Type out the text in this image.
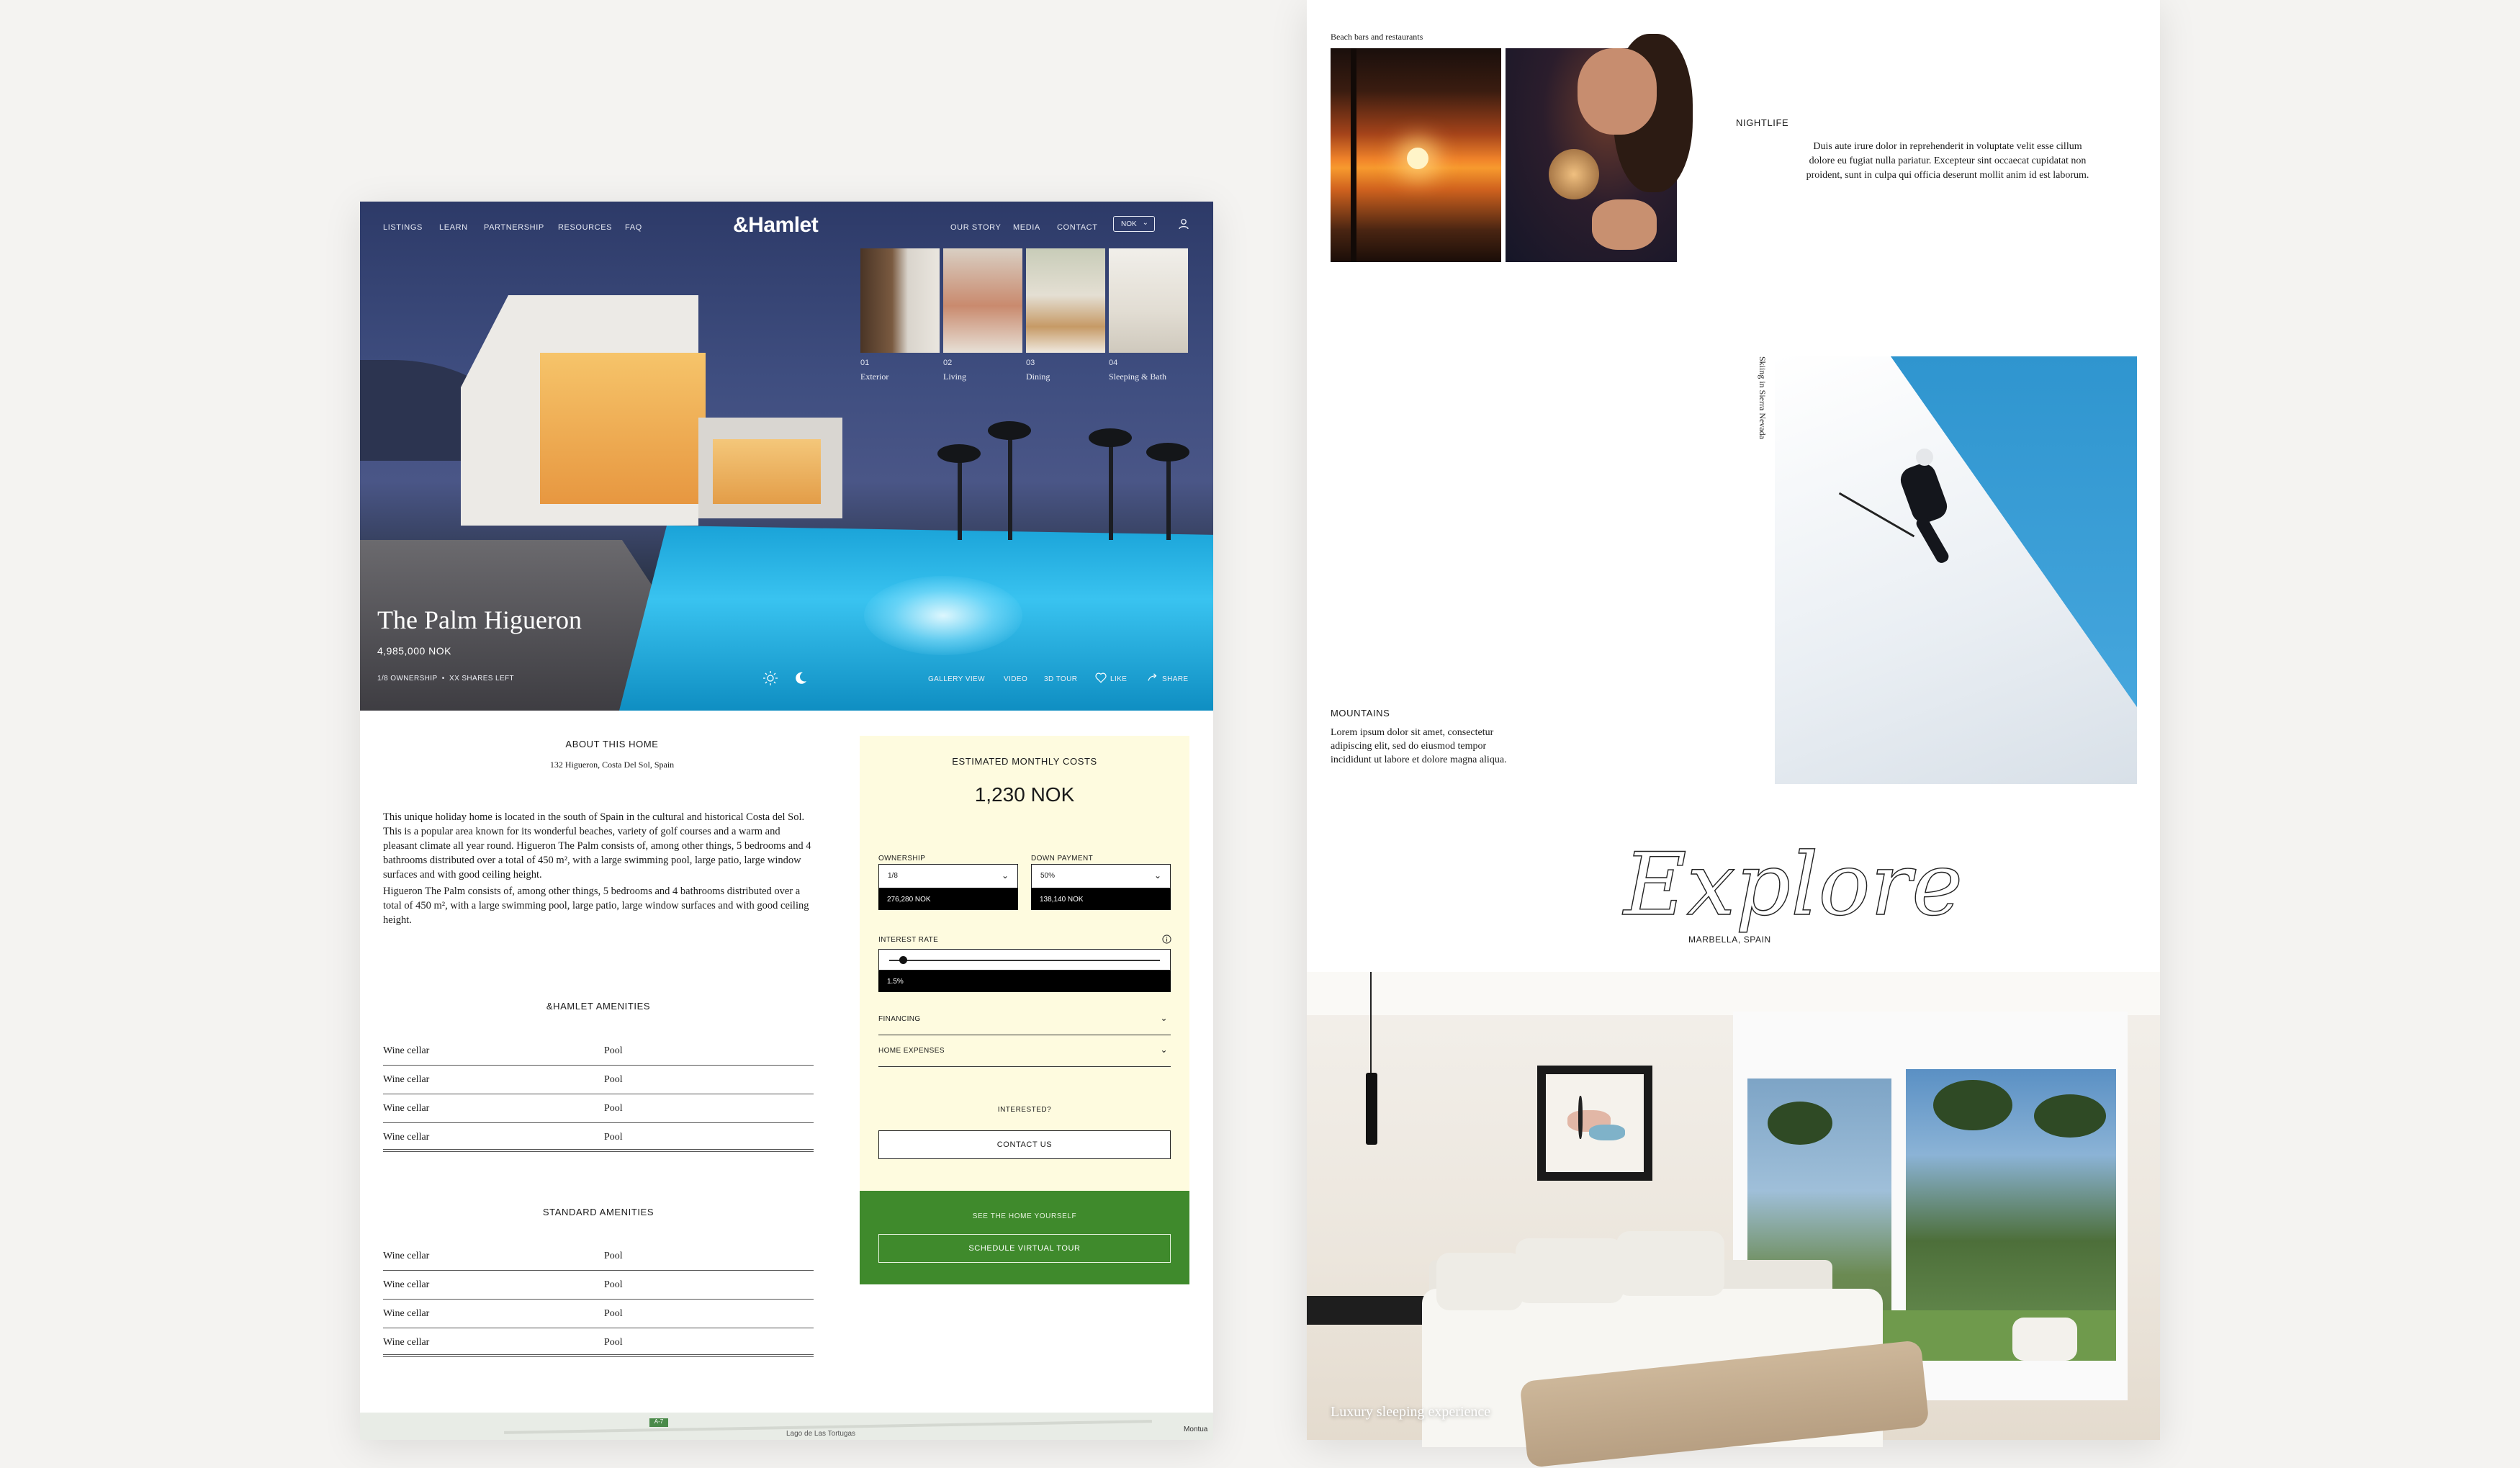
LISTINGS LEARN PARTNERSHIP RESOURCES FAQ	&Hamlet	OUR STORY MEDIA CONTACT	NOK ⌄
01
Exterior
02
Living
03
Dining
04
Sleeping & Bath
The Palm Higueron
4,985,000 NOK
1/8 OWNERSHIP  •  XX SHARES LEFT	GALLERY VIEW	VIDEO 3D TOUR	LIKE	SHARE
ABOUT THIS HOME
132 Higueron, Costa Del Sol, Spain

This unique holiday home is located in the south of Spain in the cultural and historical Costa del Sol. This is a popular area known for its wonderful beaches, variety of golf courses and a warm and pleasant climate all year round. Higueron The Palm consists of, among other things, 5 bedrooms and 4 bathrooms distributed over a total of 450 m², with a large swimming pool, large patio, large window surfaces and with good ceiling height.

Higueron The Palm consists of, among other things, 5 bedrooms and 4 bathrooms distributed over a total of 450 m², with a large swimming pool, large patio, large window surfaces and with good ceiling height.

&HAMLET AMENITIES
Wine cellar	Pool
Wine cellar	Pool
Wine cellar	Pool
Wine cellar	Pool
STANDARD AMENITIES
Wine cellar	Pool
Wine cellar	Pool
Wine cellar	Pool
Wine cellar	Pool
ESTIMATED MONTHLY COSTS
1,230 NOK
OWNERSHIP
1/8	⌄
276,280 NOK
DOWN PAYMENT
50%	⌄
138,140 NOK
INTEREST RATE
1.5%
FINANCING	⌄
HOME EXPENSES	⌄
INTERESTED?
CONTACT US
SEE THE HOME YOURSELF
SCHEDULE VIRTUAL TOUR
A-7
Lago de Las Tortugas
Montua
Beach bars and restaurants
NIGHTLIFE

Duis aute irure dolor in reprehenderit in voluptate velit esse cillum dolore eu fugiat nulla pariatur. Excepteur sint occaecat cupidatat non proident, sunt in culpa qui officia deserunt mollit anim id est laborum.

Skiing in Sierra Nevada
MOUNTAINS

Lorem ipsum dolor sit amet, consectetur adipiscing elit, sed do eiusmod tempor incididunt ut labore et dolore magna aliqua.

Explore
MARBELLA, SPAIN
Luxury sleeping experience
